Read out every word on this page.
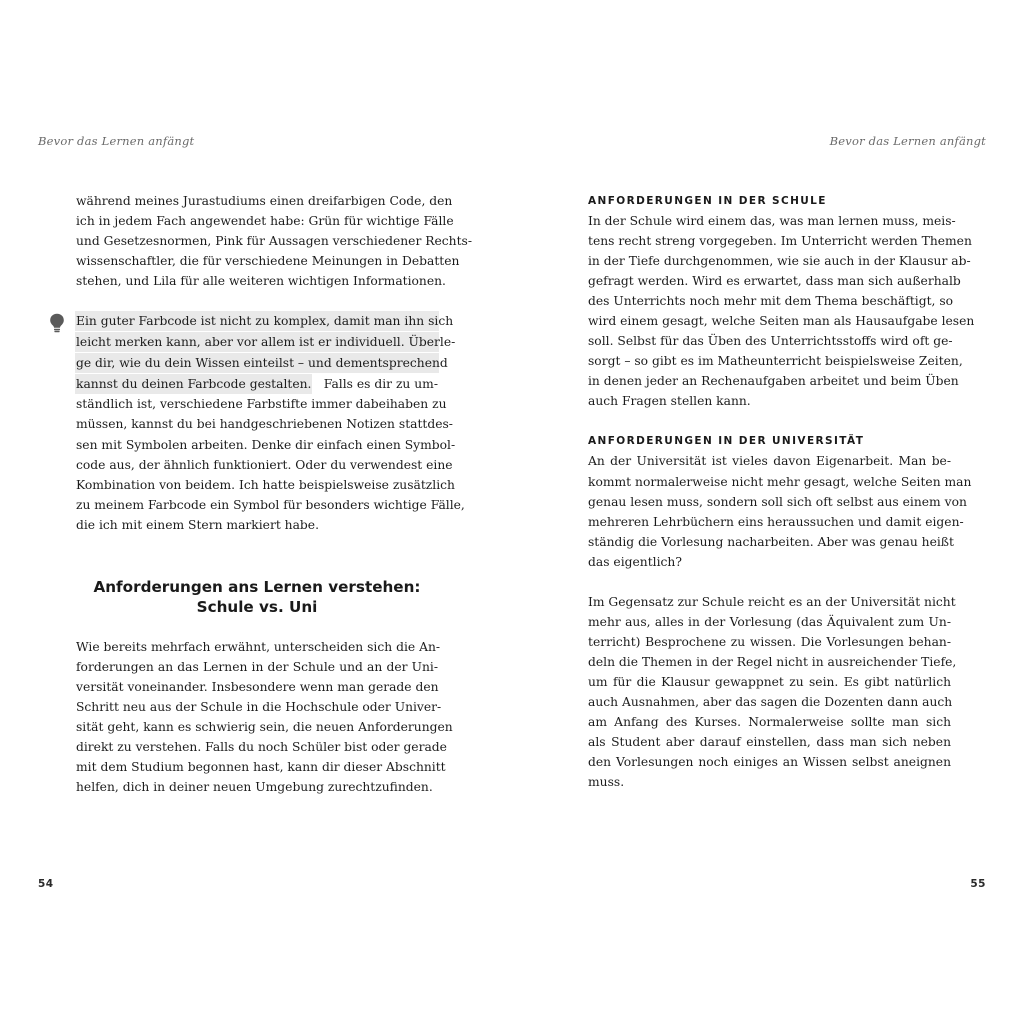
Bevor das Lernen anfängt	Bevor das Lernen anfängt
während meines Jurastudiums einen dreifarbigen Code, den
ich in jedem Fach angewendet habe: Grün für wichtige Fälle
und Gesetzesnormen, Pink für Aussagen verschiedener Rechts-
wissenschaftler, die für verschiedene Meinungen in Debatten
stehen, und Lila für alle weiteren wichtigen Informationen.
Ein guter Farbcode ist nicht zu komplex, damit man ihn sich
leicht merken kann, aber vor allem ist er individuell. Überle-
ge dir, wie du dein Wissen einteilst – und dementsprechend
kannst du deinen Farbcode gestalten. Falls es dir zu um-
ständlich ist, verschiedene Farbstifte immer dabeihaben zu
müssen, kannst du bei handgeschriebenen Notizen stattdes-
sen mit Symbolen arbeiten. Denke dir einfach einen Symbol-
code aus, der ähnlich funktioniert. Oder du verwendest eine
Kombination von beidem. Ich hatte beispielsweise zusätzlich
zu meinem Farbcode ein Symbol für besonders wichtige Fälle,
die ich mit einem Stern markiert habe.
Anforderungen ans Lernen verstehen:
Schule vs. Uni
Wie bereits mehrfach erwähnt, unterscheiden sich die An-
forderungen an das Lernen in der Schule und an der Uni-
versität voneinander. Insbesondere wenn man gerade den
Schritt neu aus der Schule in die Hochschule oder Univer-
sität geht, kann es schwierig sein, die neuen Anforderungen
direkt zu verstehen. Falls du noch Schüler bist oder gerade
mit dem Studium begonnen hast, kann dir dieser Abschnitt
helfen, dich in deiner neuen Umgebung zurechtzufinden.
ANFORDERUNGEN IN DER SCHULE
In der Schule wird einem das, was man lernen muss, meis-
tens recht streng vorgegeben. Im Unterricht werden Themen
in der Tiefe durchgenommen, wie sie auch in der Klausur ab-
gefragt werden. Wird es erwartet, dass man sich außerhalb
des Unterrichts noch mehr mit dem Thema beschäftigt, so
wird einem gesagt, welche Seiten man als Hausaufgabe lesen
soll. Selbst für das Üben des Unterrichtsstoffs wird oft ge-
sorgt – so gibt es im Matheunterricht beispielsweise Zeiten,
in denen jeder an Rechenaufgaben arbeitet und beim Üben
auch Fragen stellen kann.
ANFORDERUNGEN IN DER UNIVERSITÄT
An der Universität ist vieles davon Eigenarbeit. Man be-
kommt normalerweise nicht mehr gesagt, welche Seiten man
genau lesen muss, sondern soll sich oft selbst aus einem von
mehreren Lehrbüchern eins heraussuchen und damit eigen-
ständig die Vorlesung nacharbeiten. Aber was genau heißt
das eigentlich?
Im Gegensatz zur Schule reicht es an der Universität nicht
mehr aus, alles in der Vorlesung (das Äquivalent zum Un-
terricht) Besprochene zu wissen. Die Vorlesungen behan-
deln die Themen in der Regel nicht in ausreichender Tiefe,
um für die Klausur gewappnet zu sein. Es gibt natürlich
auch Ausnahmen, aber das sagen die Dozenten dann auch
am Anfang des Kurses. Normalerweise sollte man sich
als Student aber darauf einstellen, dass man sich neben
den Vorlesungen noch einiges an Wissen selbst aneignen
muss.
54	55
